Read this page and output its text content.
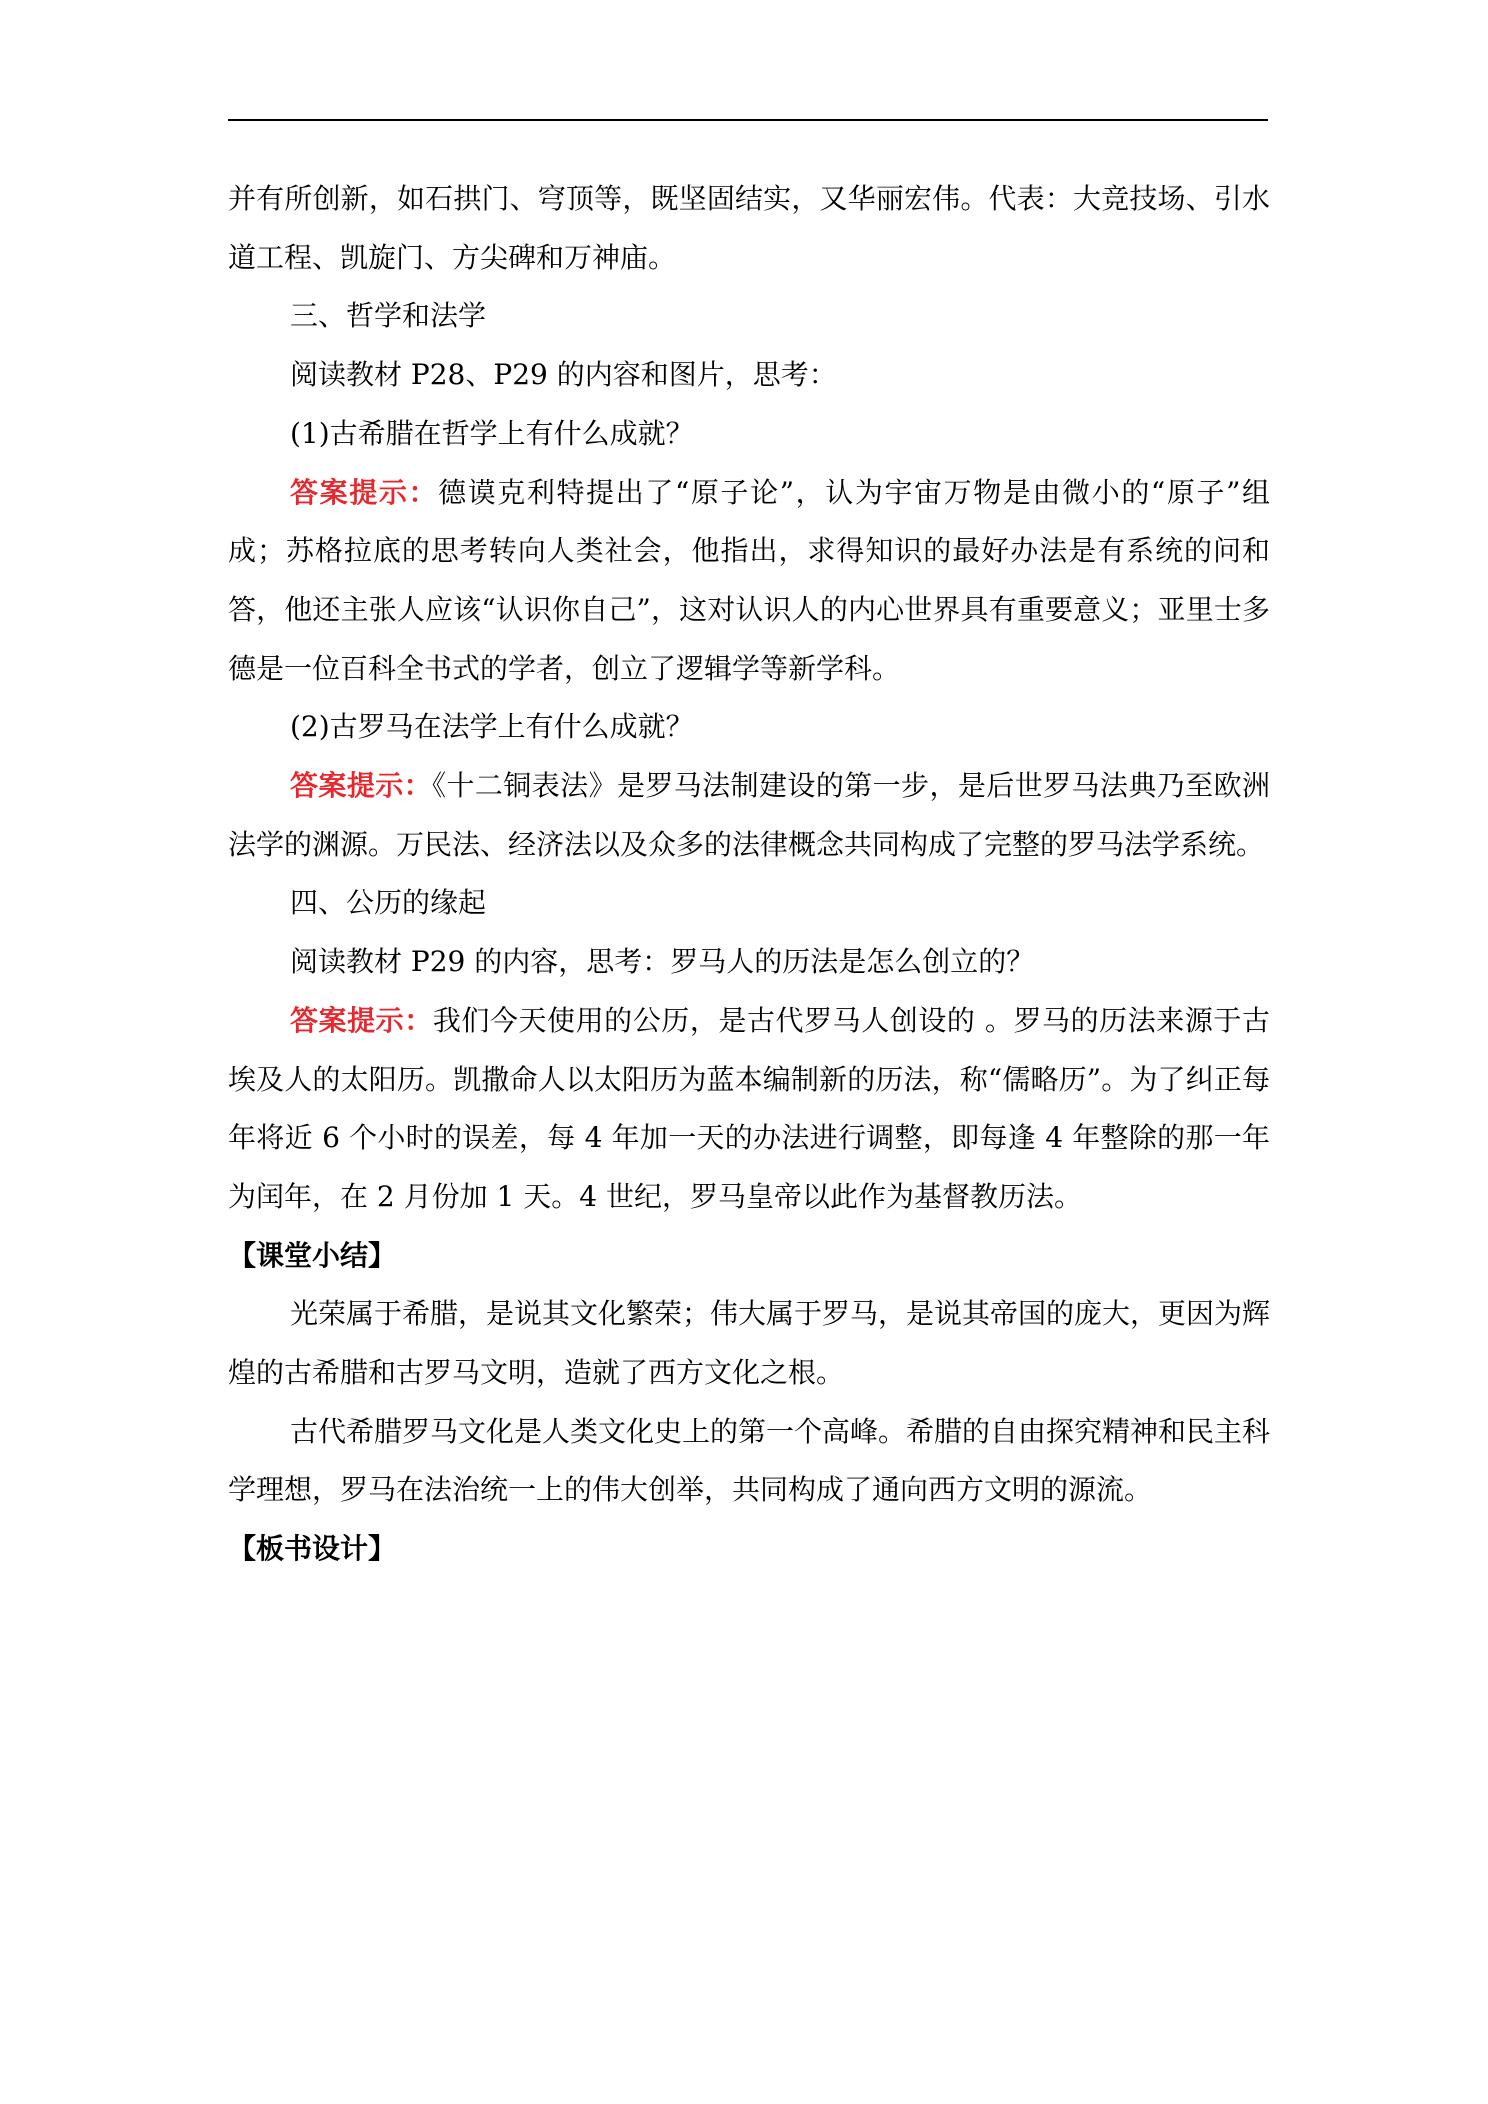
并有所创新，如石拱门、穹顶等，既坚固结实，又华丽宏伟。代表：大竞技场、引水道工程、凯旋门、方尖碑和万神庙。

三、哲学和法学

阅读教材 P28、P29 的内容和图片，思考：

(1)古希腊在哲学上有什么成就？

答案提示：德谟克利特提出了“原子论”，认为宇宙万物是由微小的“原子”组成；苏格拉底的思考转向人类社会，他指出，求得知识的最好办法是有系统的问和答，他还主张人应该“认识你自己”，这对认识人的内心世界具有重要意义；亚里士多德是一位百科全书式的学者，创立了逻辑学等新学科。

(2)古罗马在法学上有什么成就？

答案提示：《十二铜表法》是罗马法制建设的第一步，是后世罗马法典乃至欧洲法学的渊源。万民法、经济法以及众多的法律概念共同构成了完整的罗马法学系统。

四、公历的缘起

阅读教材 P29 的内容，思考：罗马人的历法是怎么创立的？

答案提示：我们今天使用的公历，是古代罗马人创设的 。罗马的历法来源于古埃及人的太阳历。凯撒命人以太阳历为蓝本编制新的历法，称“儒略历”。为了纠正每年将近 6 个小时的误差，每 4 年加一天的办法进行调整，即每逢 4 年整除的那一年为闰年，在 2 月份加 1 天。4 世纪，罗马皇帝以此作为基督教历法。

【课堂小结】

光荣属于希腊，是说其文化繁荣；伟大属于罗马，是说其帝国的庞大，更因为辉煌的古希腊和古罗马文明，造就了西方文化之根。

古代希腊罗马文化是人类文化史上的第一个高峰。希腊的自由探究精神和民主科学理想，罗马在法治统一上的伟大创举，共同构成了通向西方文明的源流。

【板书设计】
